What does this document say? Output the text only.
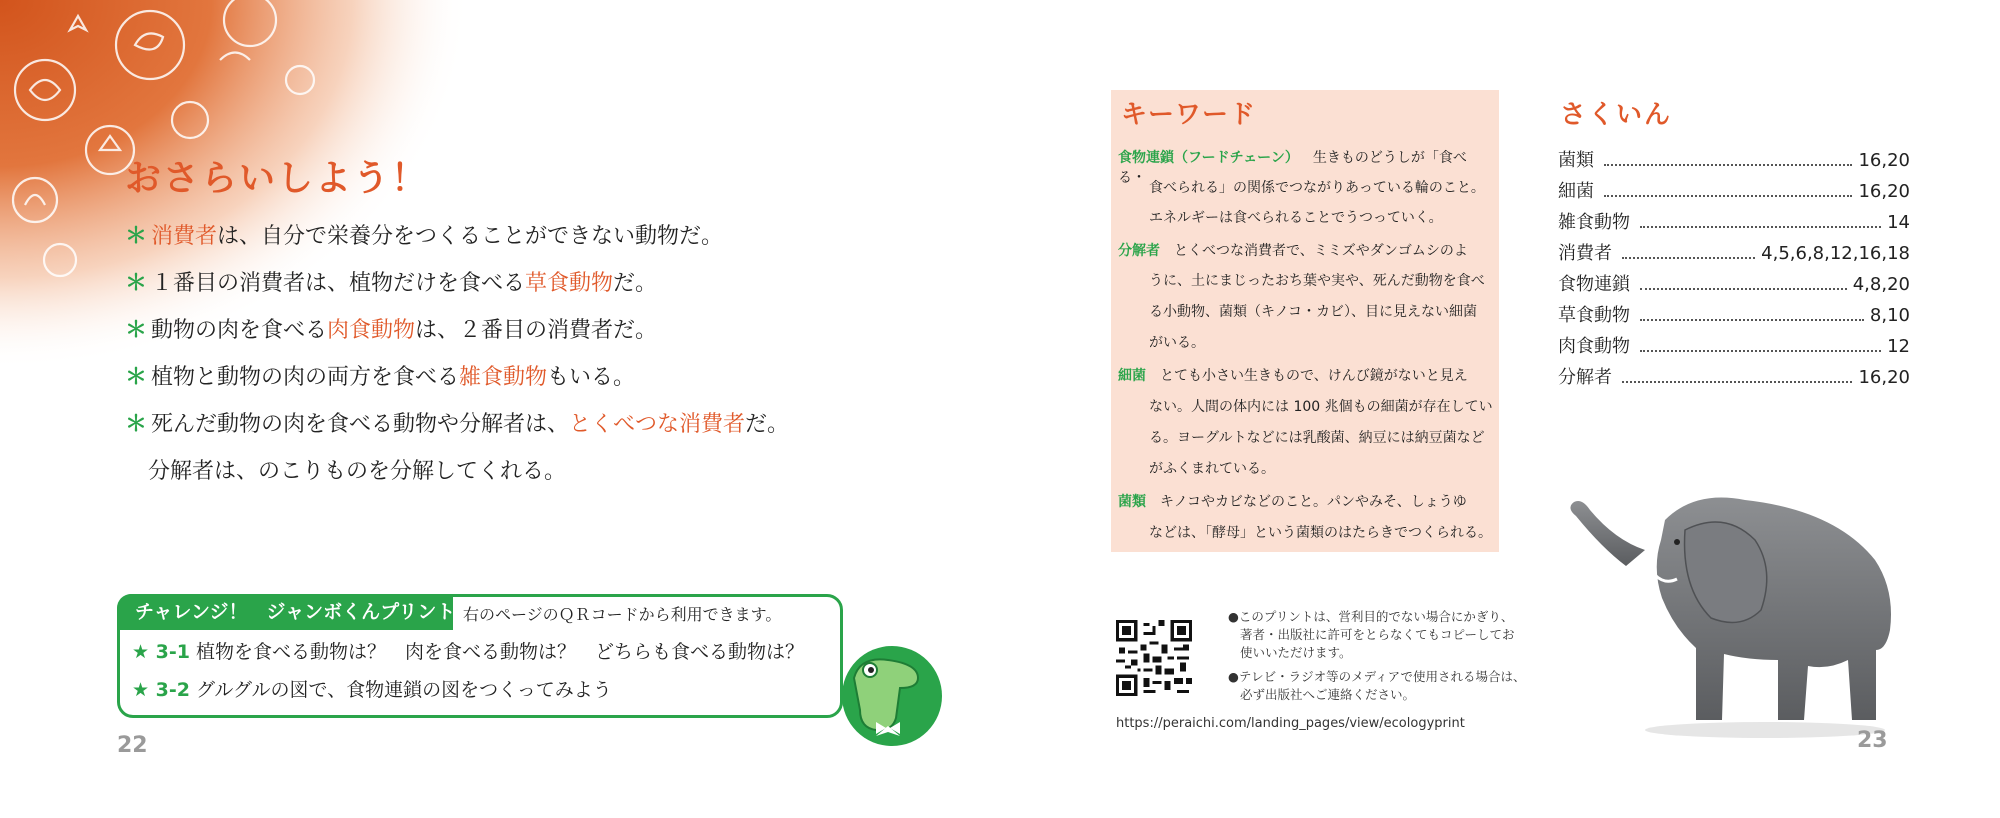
おさらいしよう！
＊ 消費者は、自分で栄養分をつくることができない動物だ。
＊ １番目の消費者は、植物だけを食べる草食動物だ。
＊ 動物の肉を食べる肉食動物は、２番目の消費者だ。
＊ 植物と動物の肉の両方を食べる雑食動物もいる。
＊ 死んだ動物の肉を食べる動物や分解者は、とくべつな消費者だ。
分解者は、のこりものを分解してくれる。
チャレンジ！　ジャンボくんプリント 右のページのＱＲコードから利用できます。
★ 3-1 植物を食べる動物は？　肉を食べる動物は？　どちらも食べる動物は？
★ 3-2 グルグルの図で、食物連鎖の図をつくってみよう
22
キーワード
食物連鎖（フードチェーン） 生きものどうしが「食べる・
食べられる」の関係でつながりあっている輪のこと。
エネルギーは食べられることでうつっていく。
分解者 とくべつな消費者で、ミミズやダンゴムシのよ
うに、土にまじったおち葉や実や、死んだ動物を食べ
る小動物、菌類（キノコ・カビ）、目に見えない細菌
がいる。
細菌 とても小さい生きもので、けんび鏡がないと見え
ない。人間の体内には 100 兆個もの細菌が存在してい
る。ヨーグルトなどには乳酸菌、納豆には納豆菌など
がふくまれている。
菌類 キノコやカビなどのこと。パンやみそ、しょうゆ
などは、「酵母」という菌類のはたらきでつくられる。
●このプリントは、営利目的でない場合にかぎり、
著者・出版社に許可をとらなくてもコピーしてお
使いいただけます。
●テレビ・ラジオ等のメディアで使用される場合は、
必ず出版社へご連絡ください。
https://peraichi.com/landing_pages/view/ecologyprint
さくいん
菌類	16,20
細菌	16,20
雑食動物	14
消費者	4,5,6,8,12,16,18
食物連鎖	4,8,20
草食動物	8,10
肉食動物	12
分解者	16,20
23
